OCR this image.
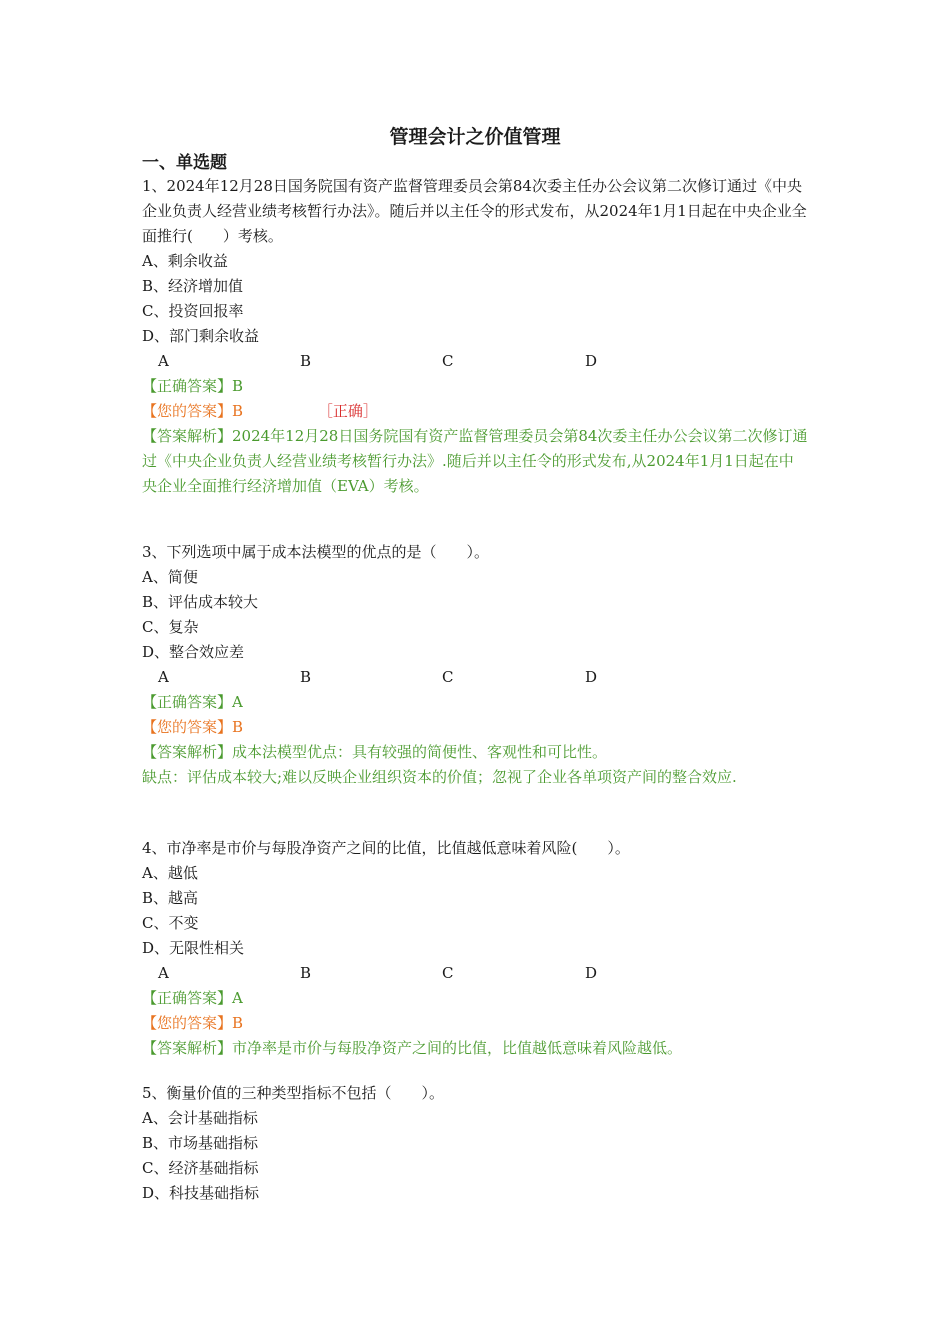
管理会计之价值管理
一、单选题
1、2024年12月28日国务院国有资产监督管理委员会第84次委主任办公会议第二次修订通过《中央企业负责人经营业绩考核暂行办法》。随后并以主任令的形式发布，从2024年1月1日起在中央企业全面推行(　　）考核。
A、剩余收益
B、经济增加值
C、投资回报率
D、部门剩余收益
A	B	C	D
【正确答案】B
【您的答案】B	［正确］
【答案解析】2024年12月28日国务院国有资产监督管理委员会第84次委主任办公会议第二次修订通过《中央企业负责人经营业绩考核暂行办法》.随后并以主任令的形式发布,从2024年1月1日起在中央企业全面推行经济增加值（EVA）考核。
3、下列选项中属于成本法模型的优点的是（　　）。
A、简便
B、评估成本较大
C、复杂
D、整合效应差
A	B	C	D
【正确答案】A
【您的答案】B
【答案解析】成本法模型优点：具有较强的简便性、客观性和可比性。
缺点：评估成本较大;难以反映企业组织资本的价值；忽视了企业各单项资产间的整合效应.
4、市净率是市价与每股净资产之间的比值，比值越低意味着风险(　　）。
A、越低
B、越高
C、不变
D、无限性相关
A	B	C	D
【正确答案】A
【您的答案】B
【答案解析】市净率是市价与每股净资产之间的比值，比值越低意味着风险越低。
5、衡量价值的三种类型指标不包括（　　）。
A、会计基础指标
B、市场基础指标
C、经济基础指标
D、科技基础指标
